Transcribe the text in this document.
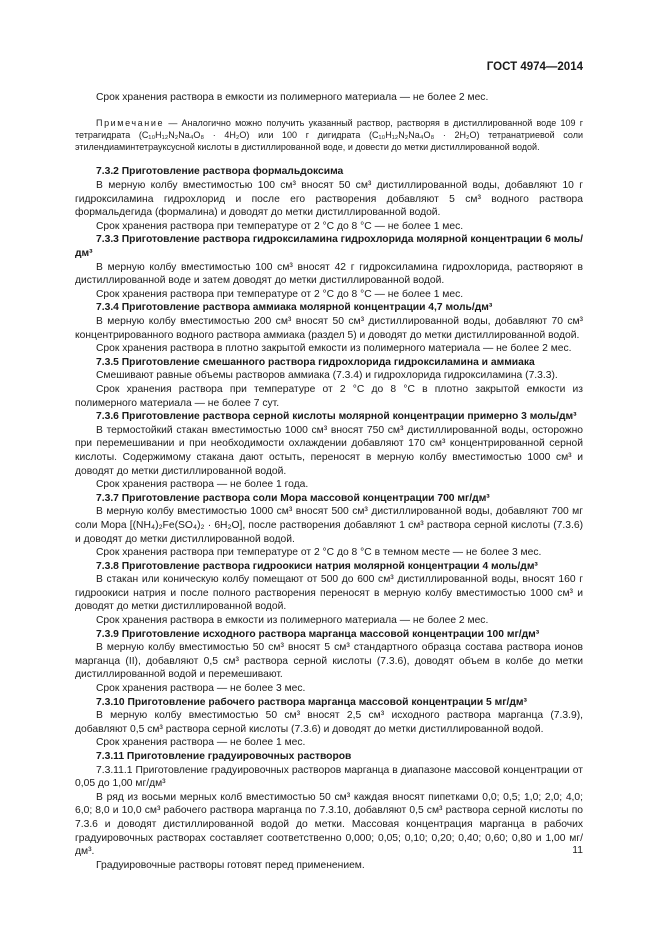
ГОСТ 4974—2014

Срок хранения раствора в емкости из полимерного материала — не более 2 мес.

Примечание — Аналогично можно получить указанный раствор, растворяя в дистиллированной воде 109 г тетрагидрата (C₁₀H₁₂N₂Na₄O₈ · 4H₂O) или 100 г дигидрата (C₁₀H₁₂N₂Na₄O₈ · 2H₂O) тетранатриевой соли этилендиаминтетрауксусной кислоты в дистиллированной воде, и довести до метки дистиллированной водой.

7.3.2 Приготовление раствора формальдоксима

В мерную колбу вместимостью 100 см³ вносят 50 см³ дистиллированной воды, добавляют 10 г гидроксиламина гидрохлорид и после его растворения добавляют 5 см³ водного раствора формальдегида (формалина) и доводят до метки дистиллированной водой.

Срок хранения раствора при температуре от 2 °С до 8 °С — не более 1 мес.

7.3.3 Приготовление раствора гидроксиламина гидрохлорида молярной концентрации 6 моль/дм³

В мерную колбу вместимостью 100 см³ вносят 42 г гидроксиламина гидрохлорида, растворяют в дистиллированной воде и затем доводят до метки дистиллированной водой.

Срок хранения раствора при температуре от 2 °С до 8 °С — не более 1 мес.

7.3.4 Приготовление раствора аммиака молярной концентрации 4,7 моль/дм³

В мерную колбу вместимостью 200 см³ вносят 50 см³ дистиллированной воды, добавляют 70 см³ концентрированного водного раствора аммиака (раздел 5) и доводят до метки дистиллированной водой.

Срок хранения раствора в плотно закрытой емкости из полимерного материала — не более 2 мес.

7.3.5 Приготовление смешанного раствора гидрохлорида гидроксиламина и аммиака

Смешивают равные объемы растворов аммиака (7.3.4) и гидрохлорида гидроксиламина (7.3.3).

Срок хранения раствора при температуре от 2 °С до 8 °С в плотно закрытой емкости из полимерного материала — не более 7 сут.

7.3.6 Приготовление раствора серной кислоты молярной концентрации примерно 3 моль/дм³

В термостойкий стакан вместимостью 1000 см³ вносят 750 см³ дистиллированной воды, осторожно при перемешивании и при необходимости охлаждении добавляют 170 см³ концентрированной серной кислоты. Содержимому стакана дают остыть, переносят в мерную колбу вместимостью 1000 см³ и доводят до метки дистиллированной водой.

Срок хранения раствора — не более 1 года.

7.3.7 Приготовление раствора соли Мора массовой концентрации 700 мг/дм³

В мерную колбу вместимостью 1000 см³ вносят 500 см³ дистиллированной воды, добавляют 700 мг соли Мора [(NH₄)₂Fe(SO₄)₂ · 6H₂O], после растворения добавляют 1 см³ раствора серной кислоты (7.3.6) и доводят до метки дистиллированной водой.

Срок хранения раствора при температуре от 2 °С до 8 °С в темном месте — не более 3 мес.

7.3.8 Приготовление раствора гидроокиси натрия молярной концентрации 4 моль/дм³

В стакан или коническую колбу помещают от 500 до 600 см³ дистиллированной воды, вносят 160 г гидроокиси натрия и после полного растворения переносят в мерную колбу вместимостью 1000 см³ и доводят до метки дистиллированной водой.

Срок хранения раствора в емкости из полимерного материала — не более 2 мес.

7.3.9 Приготовление исходного раствора марганца массовой концентрации 100 мг/дм³

В мерную колбу вместимостью 50 см³ вносят 5 см³ стандартного образца состава раствора ионов марганца (II), добавляют 0,5 см³ раствора серной кислоты (7.3.6), доводят объем в колбе до метки дистиллированной водой и перемешивают.

Срок хранения раствора — не более 3 мес.

7.3.10 Приготовление рабочего раствора марганца массовой концентрации 5 мг/дм³

В мерную колбу вместимостью 50 см³ вносят 2,5 см³ исходного раствора марганца (7.3.9), добавляют 0,5 см³ раствора серной кислоты (7.3.6) и доводят до метки дистиллированной водой.

Срок хранения раствора — не более 1 мес.

7.3.11 Приготовление градуировочных растворов

7.3.11.1 Приготовление градуировочных растворов марганца в диапазоне массовой концентрации от 0,05 до 1,00 мг/дм³

В ряд из восьми мерных колб вместимостью 50 см³ каждая вносят пипетками 0,0; 0,5; 1,0; 2,0; 4,0; 6,0; 8,0 и 10,0 см³ рабочего раствора марганца по 7.3.10, добавляют 0,5 см³ раствора серной кислоты по 7.3.6 и доводят дистиллированной водой до метки. Массовая концентрация марганца в рабочих градуировочных растворах составляет соответственно 0,000; 0,05; 0,10; 0,20; 0,40; 0,60; 0,80 и 1,00 мг/дм³.

Градуировочные растворы готовят перед применением.

11
